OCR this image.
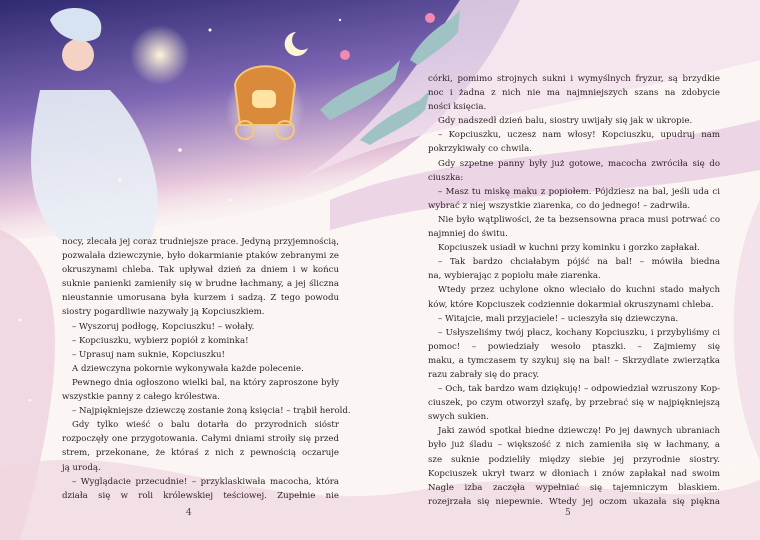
nocy, zlecała jej coraz trudniejsze prace. Jedyną przyjemnością,
pozwalała dziewczynie, było dokarmianie ptaków zebranymi ze
okruszynami chleba. Tak upływał dzień za dniem i w końcu
suknie panienki zamieniły się w brudne łachmany, a jej śliczna
nieustannie umorusana była kurzem i sadzą. Z tego powodu
siostry pogardliwie nazywały ją Kopciuszkiem.
– Wyszoruj podłogę, Kopciuszku! – wołały.
– Kopciuszku, wybierz popiół z kominka!
– Uprasuj nam suknie, Kopciuszku!
A dziewczyna pokornie wykonywała każde polecenie.
Pewnego dnia ogłoszono wielki bal, na który zaproszone były
wszystkie panny z całego królestwa.
– Najpiękniejsze dziewczę zostanie żoną księcia! – trąbił herold.
Gdy tylko wieść o balu dotarła do przyrodnich sióstr
rozpoczęły one przygotowania. Całymi dniami stroiły się przed
strem, przekonane, że któraś z nich z pewnością oczaruje
ją urodą.
– Wyglądacie przecudnie! – przyklaskiwała macocha, która
działa się w roli królewskiej teściowej. Zupełnie nie
córki, pomimo strojnych sukni i wymyślnych fryzur, są brzydkie
noc i żadna z nich nie ma najmniejszych szans na zdobycie
ności księcia.
Gdy nadszedł dzień balu, siostry uwijały się jak w ukropie.
– Kopciuszku, uczesz nam włosy! Kopciuszku, upudruj nam
pokrzykiwały co chwila.
Gdy szpetne panny były już gotowe, macocha zwróciła się do
ciuszka:
– Masz tu miskę maku z popiołem. Pójdziesz na bal, jeśli uda ci
wybrać z niej wszystkie ziarenka, co do jednego! – zadrwiła.
Nie było wątpliwości, że ta bezsensowna praca musi potrwać co
najmniej do świtu.
Kopciuszek usiadł w kuchni przy kominku i gorzko zapłakał.
– Tak bardzo chciałabym pójść na bal! – mówiła biedna
na, wybierając z popiołu małe ziarenka.
Wtedy przez uchylone okno wleciało do kuchni stado małych
ków, które Kopciuszek codziennie dokarmiał okruszynami chleba.
– Witajcie, mali przyjaciele! – ucieszyła się dziewczyna.
– Usłyszeliśmy twój płacz, kochany Kopciuszku, i przybyliśmy ci
pomoc! – powiedziały wesoło ptaszki. – Zajmiemy się
maku, a tymczasem ty szykuj się na bal! – Skrzydlate zwierzątka
razu zabrały się do pracy.
– Och, tak bardzo wam dziękuję! – odpowiedział wzruszony Kop-
ciuszek, po czym otworzył szafę, by przebrać się w najpiękniejszą
swych sukien.
Jaki zawód spotkał biedne dziewczę! Po jej dawnych ubraniach
było już śladu – większość z nich zamieniła się w łachmany, a
sze suknie podzieliły między siebie jej przyrodnie siostry.
Kopciuszek ukrył twarz w dłoniach i znów zapłakał nad swoim
Nagle izba zaczęła wypełniać się tajemniczym blaskiem.
rozejrzała się niepewnie. Wtedy jej oczom ukazała się piękna
4	5
